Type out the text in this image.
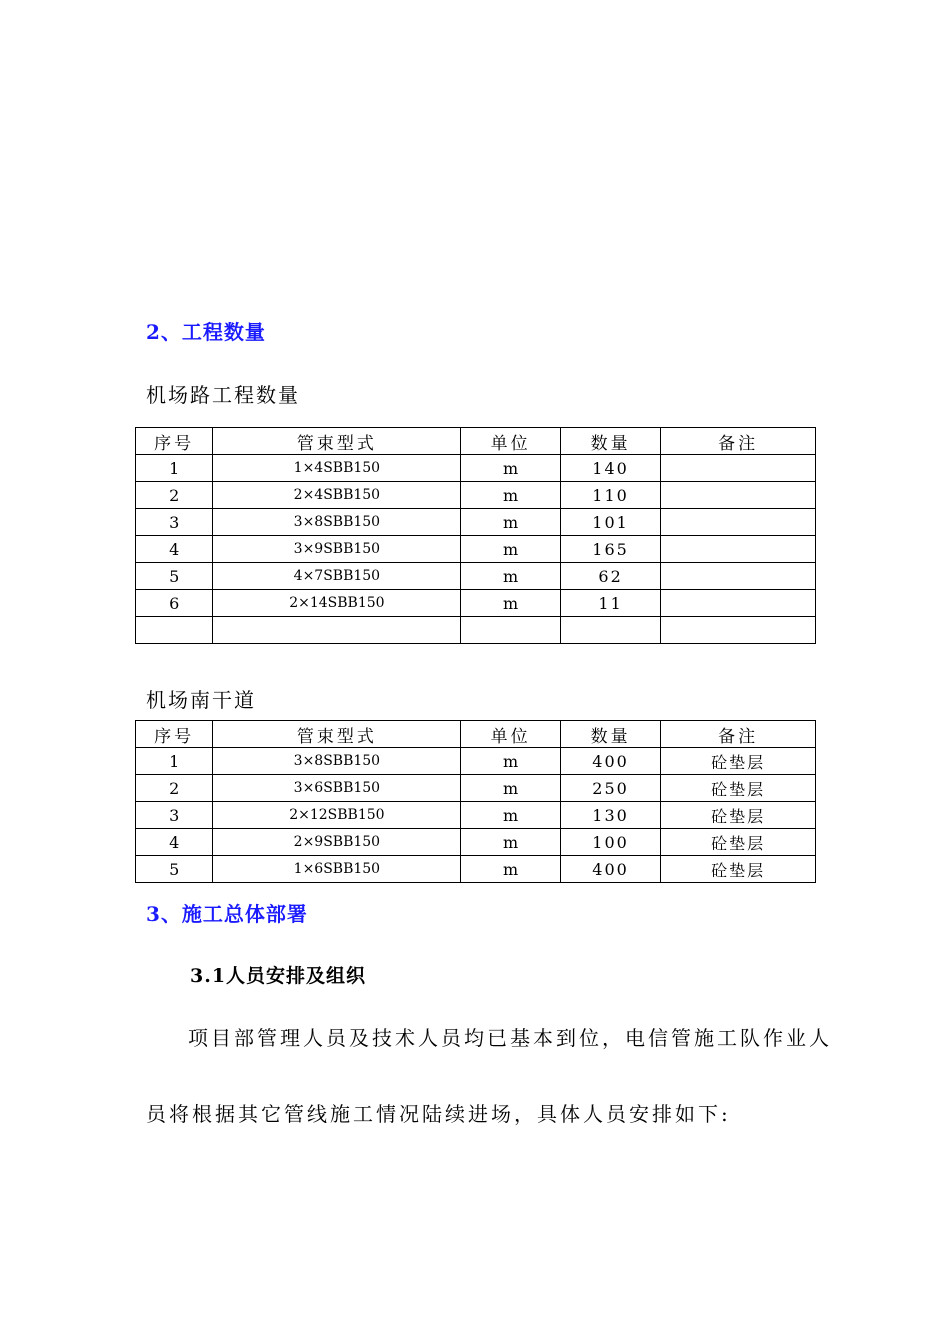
2、工程数量
机场路工程数量
序号	管束型式	单位	数量	备注
1	1×4SBB150	m	140	
2	2×4SBB150	m	110	
3	3×8SBB150	m	101	
4	3×9SBB150	m	165	
5	4×7SBB150	m	62	
6	2×14SBB150	m	11	

机场南干道
序号	管束型式	单位	数量	备注
1	3×8SBB150	m	400	砼垫层
2	3×6SBB150	m	250	砼垫层
3	2×12SBB150	m	130	砼垫层
4	2×9SBB150	m	100	砼垫层
5	1×6SBB150	m	400	砼垫层
3、施工总体部署
3.1人员安排及组织
项目部管理人员及技术人员均已基本到位，电信管施工队作业人
员将根据其它管线施工情况陆续进场，具体人员安排如下:
